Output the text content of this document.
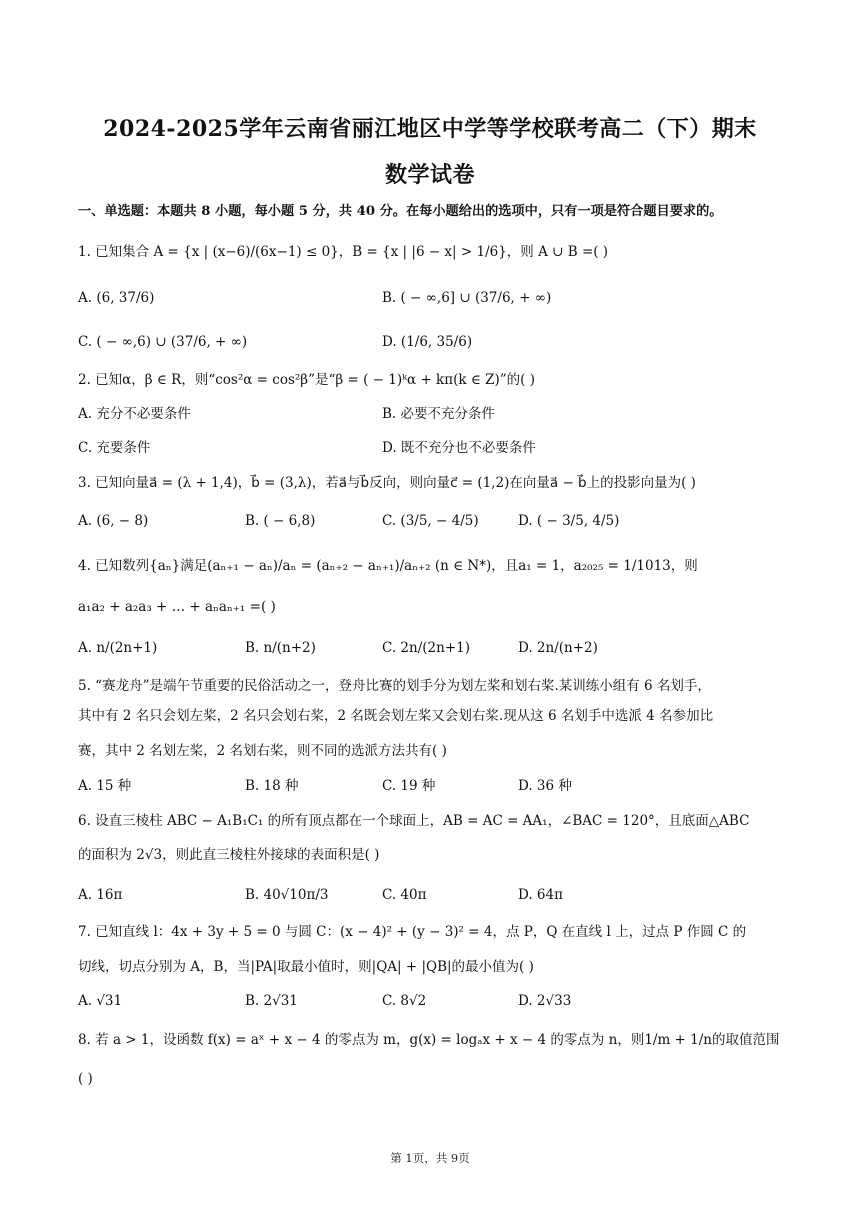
2024-2025学年云南省丽江地区中学等学校联考高二（下）期末
数学试卷
一、单选题：本题共 8 小题，每小题 5 分，共 40 分。在每小题给出的选项中，只有一项是符合题目要求的。
1. 已知集合 A = {x | (x−6)/(6x−1) ≤ 0}，B = {x | |6 − x| > 1/6}，则 A ∪ B =( )
A. (6, 37/6)	B. ( − ∞,6] ∪ (37/6, + ∞)
C. ( − ∞,6) ∪ (37/6, + ∞)	D. (1/6, 35/6)
2. 已知α，β ∈ R，则“cos²α = cos²β”是“β = ( − 1)ᵏα + kπ(k ∈ Z)”的( )
A. 充分不必要条件	B. 必要不充分条件
C. 充要条件	D. 既不充分也不必要条件
3. 已知向量a⃗ = (λ + 1,4)，b⃗ = (3,λ)，若a⃗与b⃗反向，则向量c⃗ = (1,2)在向量a⃗ − b⃗上的投影向量为( )
A. (6, − 8)	B. ( − 6,8)	C. (3/5, − 4/5)	D. ( − 3/5, 4/5)
4. 已知数列{aₙ}满足(aₙ₊₁ − aₙ)/aₙ = (aₙ₊₂ − aₙ₊₁)/aₙ₊₂ (n ∈ N*)，且a₁ = 1，a₂₀₂₅ = 1/1013，则
a₁a₂ + a₂a₃ + … + aₙaₙ₊₁ =( )
A. n/(2n+1)	B. n/(n+2)	C. 2n/(2n+1)	D. 2n/(n+2)
5. “赛龙舟”是端午节重要的民俗活动之一，登舟比赛的划手分为划左桨和划右桨.某训练小组有 6 名划手，
其中有 2 名只会划左桨，2 名只会划右桨，2 名既会划左桨又会划右桨.现从这 6 名划手中选派 4 名参加比
赛，其中 2 名划左桨，2 名划右桨，则不同的选派方法共有( )
A. 15 种	B. 18 种	C. 19 种	D. 36 种
6. 设直三棱柱 ABC − A₁B₁C₁ 的所有顶点都在一个球面上，AB = AC = AA₁，∠BAC = 120°，且底面△ABC
的面积为 2√3，则此直三棱柱外接球的表面积是( )
A. 16π	B. 40√10π/3	C. 40π	D. 64π
7. 已知直线 l：4x + 3y + 5 = 0 与圆 C：(x − 4)² + (y − 3)² = 4，点 P，Q 在直线 l 上，过点 P 作圆 C 的
切线，切点分别为 A，B，当|PA|取最小值时，则|QA| + |QB|的最小值为( )
A. √31	B. 2√31	C. 8√2	D. 2√33
8. 若 a > 1，设函数 f(x) = aˣ + x − 4 的零点为 m，g(x) = logₐx + x − 4 的零点为 n，则1/m + 1/n的取值范围
( )
第 1页，共 9页
